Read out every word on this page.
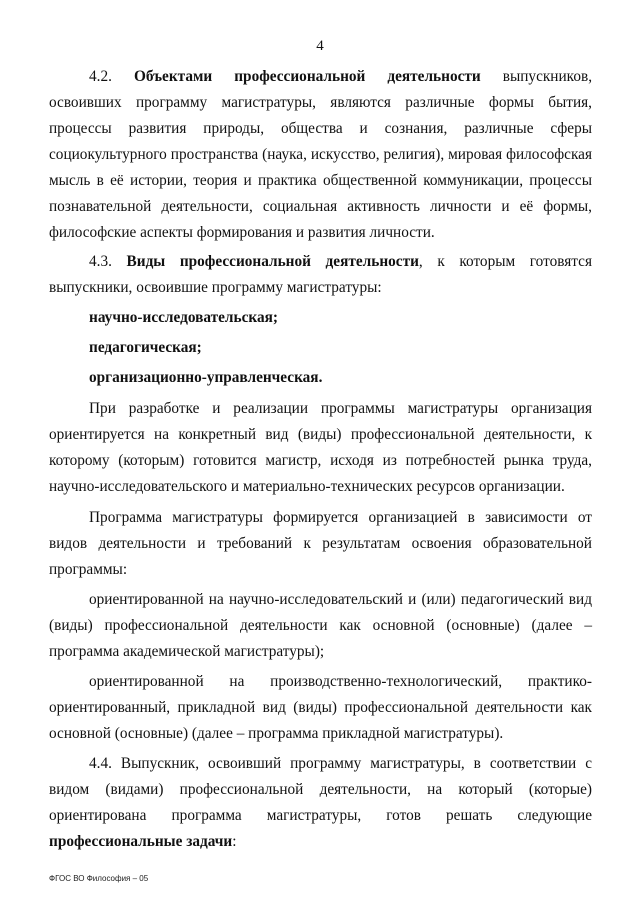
4

4.2. Объектами профессиональной деятельности выпускников, освоивших программу магистратуры, являются различные формы бытия, процессы развития природы, общества и сознания, различные сферы социокультурного пространства (наука, искусство, религия), мировая философская мысль в её истории, теория и практика общественной коммуникации, процессы познавательной деятельности, социальная активность личности и её формы, философские аспекты формирования и развития личности.

4.3. Виды профессиональной деятельности, к которым готовятся выпускники, освоившие программу магистратуры:

научно-исследовательская;

педагогическая;

организационно-управленческая.

При разработке и реализации программы магистратуры организация ориентируется на конкретный вид (виды) профессиональной деятельности, к которому (которым) готовится магистр, исходя из потребностей рынка труда, научно-исследовательского и материально-технических ресурсов организации.

Программа магистратуры формируется организацией в зависимости от видов деятельности и требований к результатам освоения образовательной программы:

ориентированной на научно-исследовательский и (или) педагогический вид (виды) профессиональной деятельности как основной (основные) (далее – программа академической магистратуры);

ориентированной на производственно-технологический, практико-ориентированный, прикладной вид (виды) профессиональной деятельности как основной (основные) (далее – программа прикладной магистратуры).

4.4. Выпускник, освоивший программу магистратуры, в соответствии с видом (видами) профессиональной деятельности, на который (которые) ориентирована программа магистратуры, готов решать следующие профессиональные задачи:

ФГОС ВО Философия – 05
